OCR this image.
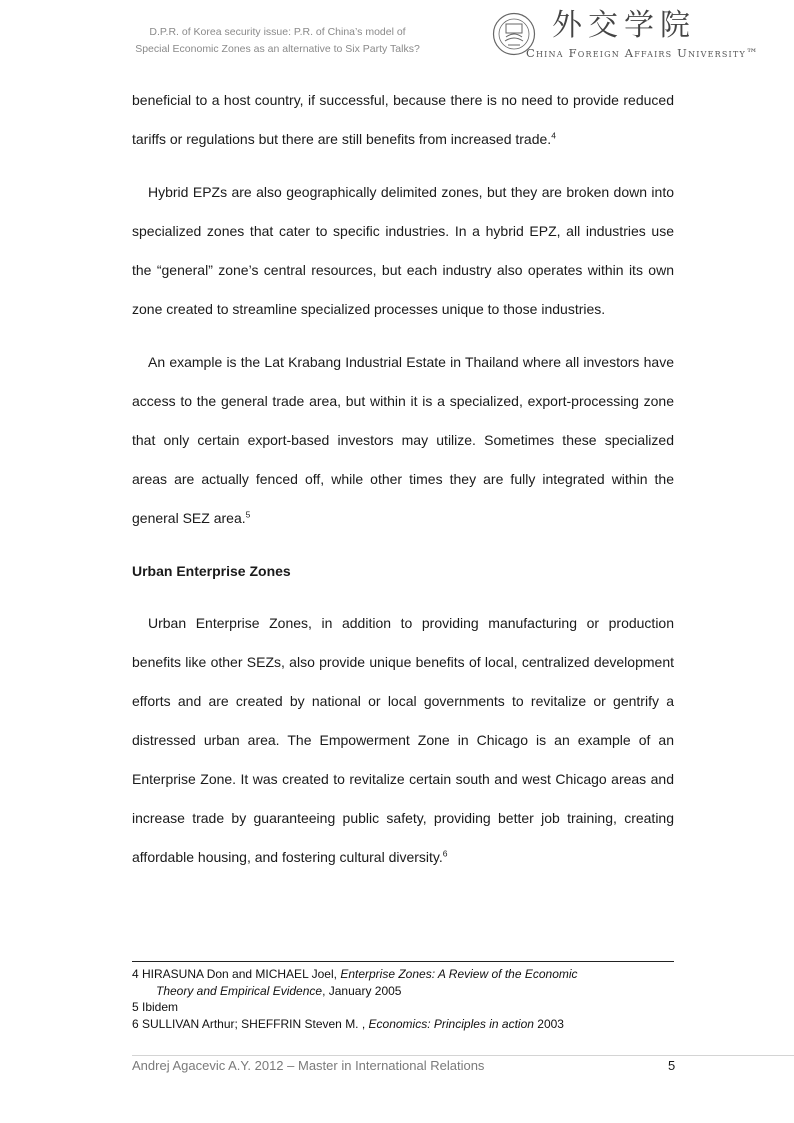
D.P.R. of Korea security issue: P.R. of China’s model of
Special Economic Zones as an alternative to Six Party Talks?
外交学院
China Foreign Affairs University™

beneficial to a host country, if successful, because there is no need to provide reduced tariffs or regulations but there are still benefits from increased trade.$^4$

Hybrid EPZs are also geographically delimited zones, but they are broken down into specialized zones that cater to specific industries. In a hybrid EPZ, all industries use the “general” zone’s central resources, but each industry also operates within its own zone created to streamline specialized processes unique to those industries.

An example is the Lat Krabang Industrial Estate in Thailand where all investors have access to the general trade area, but within it is a specialized, export-processing zone that only certain export-based investors may utilize. Sometimes these specialized areas are actually fenced off, while other times they are fully integrated within the general SEZ area.$^5$

Urban Enterprise Zones

Urban Enterprise Zones, in addition to providing manufacturing or production benefits like other SEZs, also provide unique benefits of local, centralized development efforts and are created by national or local governments to revitalize or gentrify a distressed urban area. The Empowerment Zone in Chicago is an example of an Enterprise Zone. It was created to revitalize certain south and west Chicago areas and increase trade by guaranteeing public safety, providing better job training, creating affordable housing, and fostering cultural diversity.$^6$

4 HIRASUNA Don and MICHAEL Joel, Enterprise Zones: A Review of the Economic

Theory and Empirical Evidence, January 2005

5 Ibidem

6 SULLIVAN Arthur; SHEFFRIN Steven M. , Economics: Principles in action 2003

Andrej Agacevic A.Y. 2012 – Master in International Relations	5
